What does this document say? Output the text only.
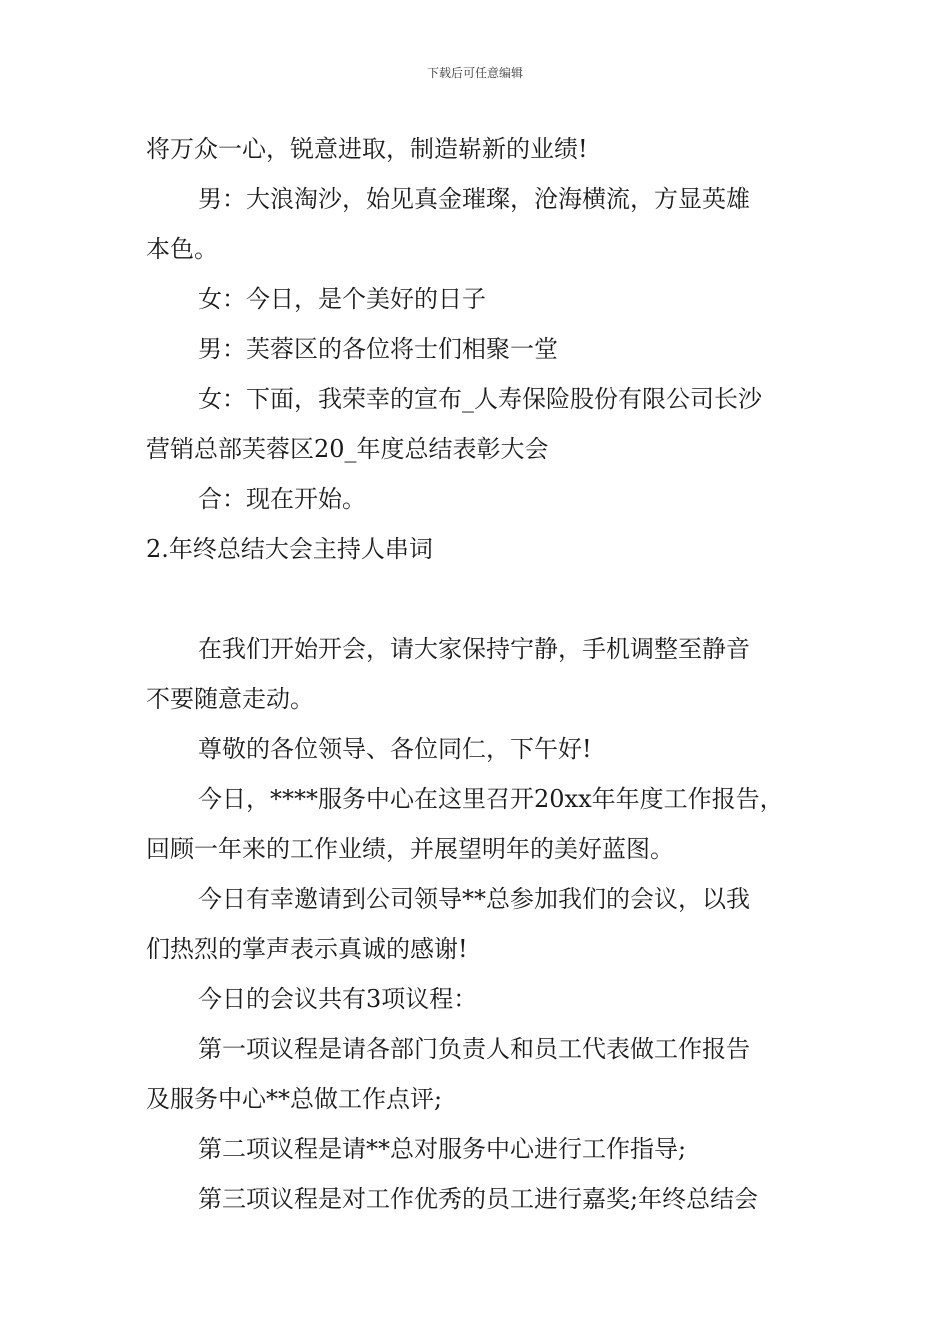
下载后可任意编辑

将万众一心，锐意进取，制造崭新的业绩!

男：大浪淘沙，始见真金璀璨，沧海横流，方显英雄

本色。

女：今日，是个美好的日子

男：芙蓉区的各位将士们相聚一堂

女：下面，我荣幸的宣布_人寿保险股份有限公司长沙

营销总部芙蓉区20_年度总结表彰大会

合：现在开始。

2.年终总结大会主持人串词

在我们开始开会，请大家保持宁静，手机调整至静音

不要随意走动。

尊敬的各位领导、各位同仁，下午好!

今日，****服务中心在这里召开20xx年年度工作报告，

回顾一年来的工作业绩，并展望明年的美好蓝图。

今日有幸邀请到公司领导**总参加我们的会议，以我

们热烈的掌声表示真诚的感谢!

今日的会议共有3项议程：

第一项议程是请各部门负责人和员工代表做工作报告

及服务中心**总做工作点评;

第二项议程是请**总对服务中心进行工作指导;

第三项议程是对工作优秀的员工进行嘉奖;年终总结会
